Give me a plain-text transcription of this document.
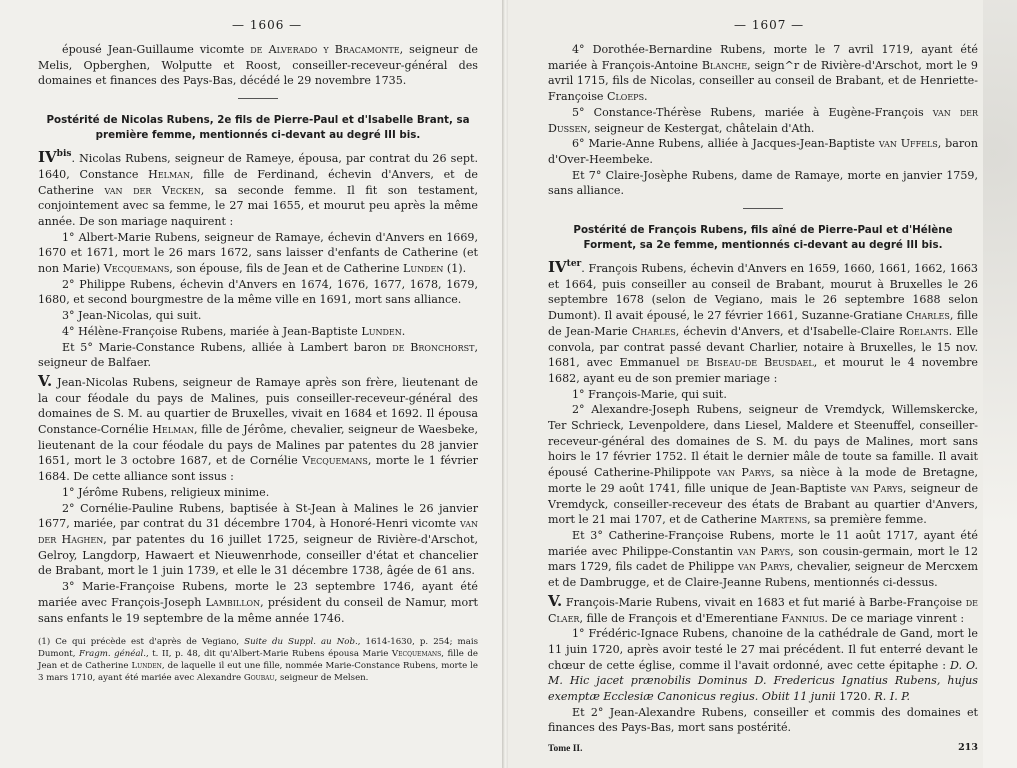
— 1606 —

épousé Jean-Guillaume vicomte de Alverado y Bracamonte, seigneur de Melis, Opberghen, Wolputte et Roost, conseiller-receveur-général des domaines et finances des Pays-Bas, décédé le 29 novembre 1735.

Postérité de Nicolas Rubens, 2e fils de Pierre-Paul et d'Isabelle Brant, sa première femme, mentionnés ci-devant au degré III bis.

$IV^{bis}$. Nicolas Rubens, seigneur de Rameye, épousa, par contrat du 26 sept. 1640, Constance Helman, fille de Ferdinand, échevin d'Anvers, et de Catherine van der Vecken, sa seconde femme. Il fit son testament, conjointement avec sa femme, le 27 mai 1655, et mourut peu après la même année. De son mariage naquirent :

1° Albert-Marie Rubens, seigneur de Ramaye, échevin d'Anvers en 1669, 1670 et 1671, mort le 26 mars 1672, sans laisser d'enfants de Catherine (et non Marie) Vecquemans, son épouse, fils de Jean et de Catherine Lunden (1).

2° Philippe Rubens, échevin d'Anvers en 1674, 1676, 1677, 1678, 1679, 1680, et second bourgmestre de la même ville en 1691, mort sans alliance.

3° Jean-Nicolas, qui suit.

4° Hélène-Françoise Rubens, mariée à Jean-Baptiste Lunden.

Et 5° Marie-Constance Rubens, alliée à Lambert baron de Bronchorst, seigneur de Balfaer.

V. Jean-Nicolas Rubens, seigneur de Ramaye après son frère, lieutenant de la cour féodale du pays de Malines, puis conseiller-receveur-général des domaines de S. M. au quartier de Bruxelles, vivait en 1684 et 1692. Il épousa Constance-Cornélie Helman, fille de Jérôme, chevalier, seigneur de Waesbeke, lieutenant de la cour féodale du pays de Malines par patentes du 28 janvier 1651, mort le 3 octobre 1687, et de Cornélie Vecquemans, morte le 1 février 1684. De cette alliance sont issus :

1° Jérôme Rubens, religieux minime.

2° Cornélie-Pauline Rubens, baptisée à St-Jean à Malines le 26 janvier 1677, mariée, par contrat du 31 décembre 1704, à Honoré-Henri vicomte van der Haghen, par patentes du 16 juillet 1725, seigneur de Rivière-d'Arschot, Gelroy, Langdorp, Hawaert et Nieuwenrhode, conseiller d'état et chancelier de Brabant, mort le 1 juin 1739, et elle le 31 décembre 1738, âgée de 61 ans.

3° Marie-Françoise Rubens, morte le 23 septembre 1746, ayant été mariée avec François-Joseph Lambillon, président du conseil de Namur, mort sans enfants le 19 septembre de la même année 1746.

(1) Ce qui précède est d'après de Vegiano, Suite du Suppl. au Nob., 1614-1630, p. 254; mais Dumont, Fragm. généal., t. II, p. 48, dit qu'Albert-Marie Rubens épousa Marie Vecquemans, fille de Jean et de Catherine Lunden, de laquelle il eut une fille, nommée Marie-Constance Rubens, morte le 3 mars 1710, ayant été mariée avec Alexandre Goubau, seigneur de Melsen.
— 1607 —

4° Dorothée-Bernardine Rubens, morte le 7 avril 1719, ayant été mariée à François-Antoine Blanche, seign^r de Rivière-d'Arschot, mort le 9 avril 1715, fils de Nicolas, conseiller au conseil de Brabant, et de Henriette-Françoise Cloeps.

5° Constance-Thérèse Rubens, mariée à Eugène-François van der Dussen, seigneur de Kestergat, châtelain d'Ath.

6° Marie-Anne Rubens, alliée à Jacques-Jean-Baptiste van Uffels, baron d'Over-Heembeke.

Et 7° Claire-Josèphe Rubens, dame de Ramaye, morte en janvier 1759, sans alliance.

Postérité de François Rubens, fils aîné de Pierre-Paul et d'Hélène Forment, sa 2e femme, mentionnés ci-devant au degré III bis.

$IV^{ter}$. François Rubens, échevin d'Anvers en 1659, 1660, 1661, 1662, 1663 et 1664, puis conseiller au conseil de Brabant, mourut à Bruxelles le 26 septembre 1678 (selon de Vegiano, mais le 26 septembre 1688 selon Dumont). Il avait épousé, le 27 février 1661, Suzanne-Gratiane Charles, fille de Jean-Marie Charles, échevin d'Anvers, et d'Isabelle-Claire Roelants. Elle convola, par contrat passé devant Charlier, notaire à Bruxelles, le 15 nov. 1681, avec Emmanuel de Biseau-de Beusdael, et mourut le 4 novembre 1682, ayant eu de son premier mariage :

1° François-Marie, qui suit.

2° Alexandre-Joseph Rubens, seigneur de Vremdyck, Willemskercke, Ter Schrieck, Levenpoldere, dans Liesel, Maldere et Steenuffel, conseiller-receveur-général des domaines de S. M. du pays de Malines, mort sans hoirs le 17 février 1752. Il était le dernier mâle de toute sa famille. Il avait épousé Catherine-Philippote van Parys, sa nièce à la mode de Bretagne, morte le 29 août 1741, fille unique de Jean-Baptiste van Parys, seigneur de Vremdyck, conseiller-receveur des états de Brabant au quartier d'Anvers, mort le 21 mai 1707, et de Catherine Martens, sa première femme.

Et 3° Catherine-Françoise Rubens, morte le 11 août 1717, ayant été mariée avec Philippe-Constantin van Parys, son cousin-germain, mort le 12 mars 1729, fils cadet de Philippe van Parys, chevalier, seigneur de Mercxem et de Dambrugge, et de Claire-Jeanne Rubens, mentionnés ci-dessus.

V. François-Marie Rubens, vivait en 1683 et fut marié à Barbe-Françoise de Claer, fille de François et d'Emerentiane Fannius. De ce mariage vinrent :

1° Frédéric-Ignace Rubens, chanoine de la cathédrale de Gand, mort le 11 juin 1720, après avoir testé le 27 mai précédent. Il fut enterré devant le chœur de cette église, comme il l'avait ordonné, avec cette épitaphe : D. O. M. Hic jacet prænobilis Dominus D. Fredericus Ignatius Rubens, hujus exemptæ Ecclesiæ Canonicus regius. Obiit 11 junii 1720. R. I. P.

Et 2° Jean-Alexandre Rubens, conseiller et commis des domaines et finances des Pays-Bas, mort sans postérité.

Tome II.	213
